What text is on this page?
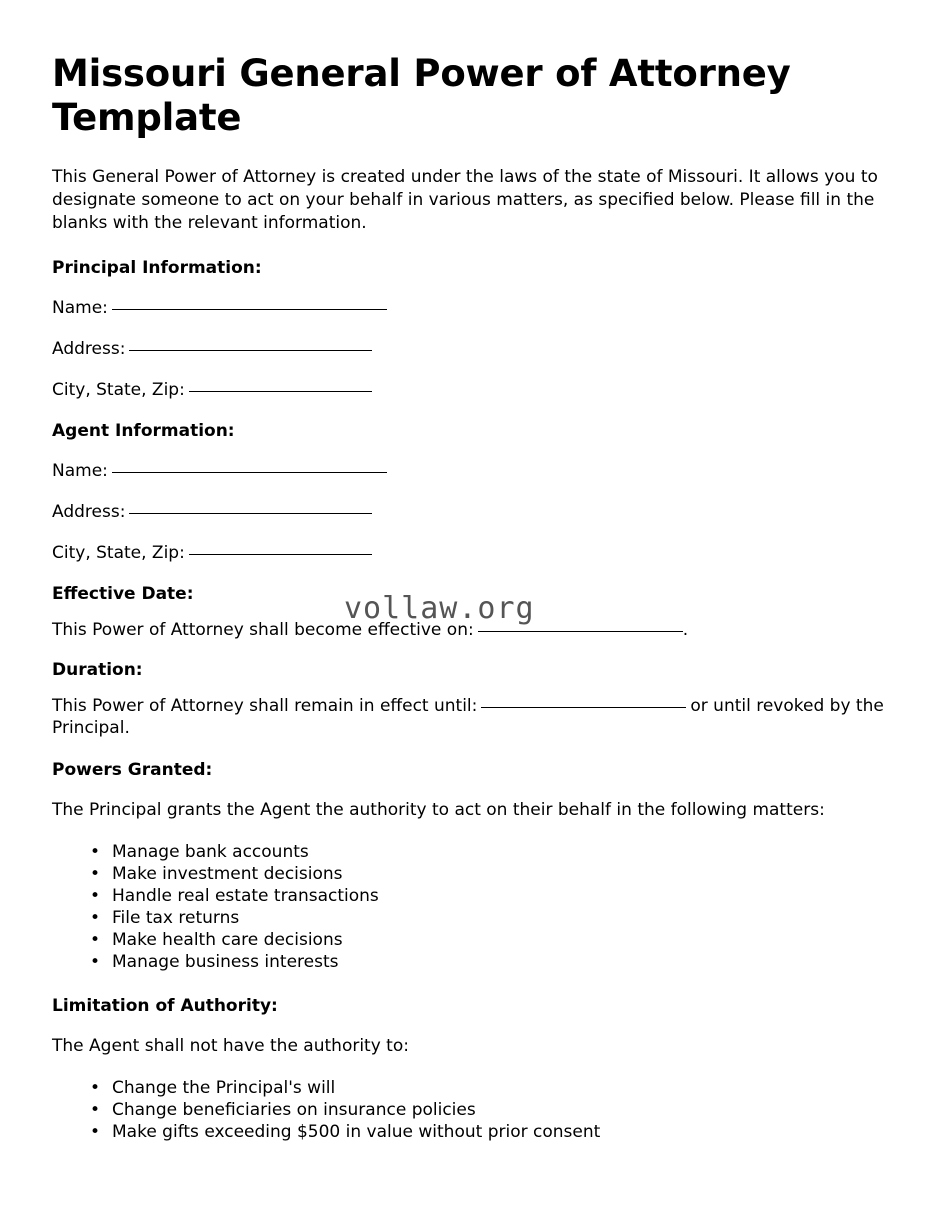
Missouri General Power of Attorney Template

This General Power of Attorney is created under the laws of the state of Missouri. It allows you to designate someone to act on your behalf in various matters, as specified below. Please fill in the blanks with the relevant information.

Principal Information:
Name:
Address:
City, State, Zip:
Agent Information:
Name:
Address:
City, State, Zip:
Effective Date:
This Power of Attorney shall become effective on:	.
Duration:
This Power of Attorney shall remain in effect until:	or until revoked by the Principal.
Powers Granted:

The Principal grants the Agent the authority to act on their behalf in the following matters:

• Manage bank accounts
• Make investment decisions
• Handle real estate transactions
• File tax returns
• Make health care decisions
• Manage business interests
Limitation of Authority:

The Agent shall not have the authority to:

• Change the Principal's will
• Change beneficiaries on insurance policies
• Make gifts exceeding $500 in value without prior consent
vollaw.org
